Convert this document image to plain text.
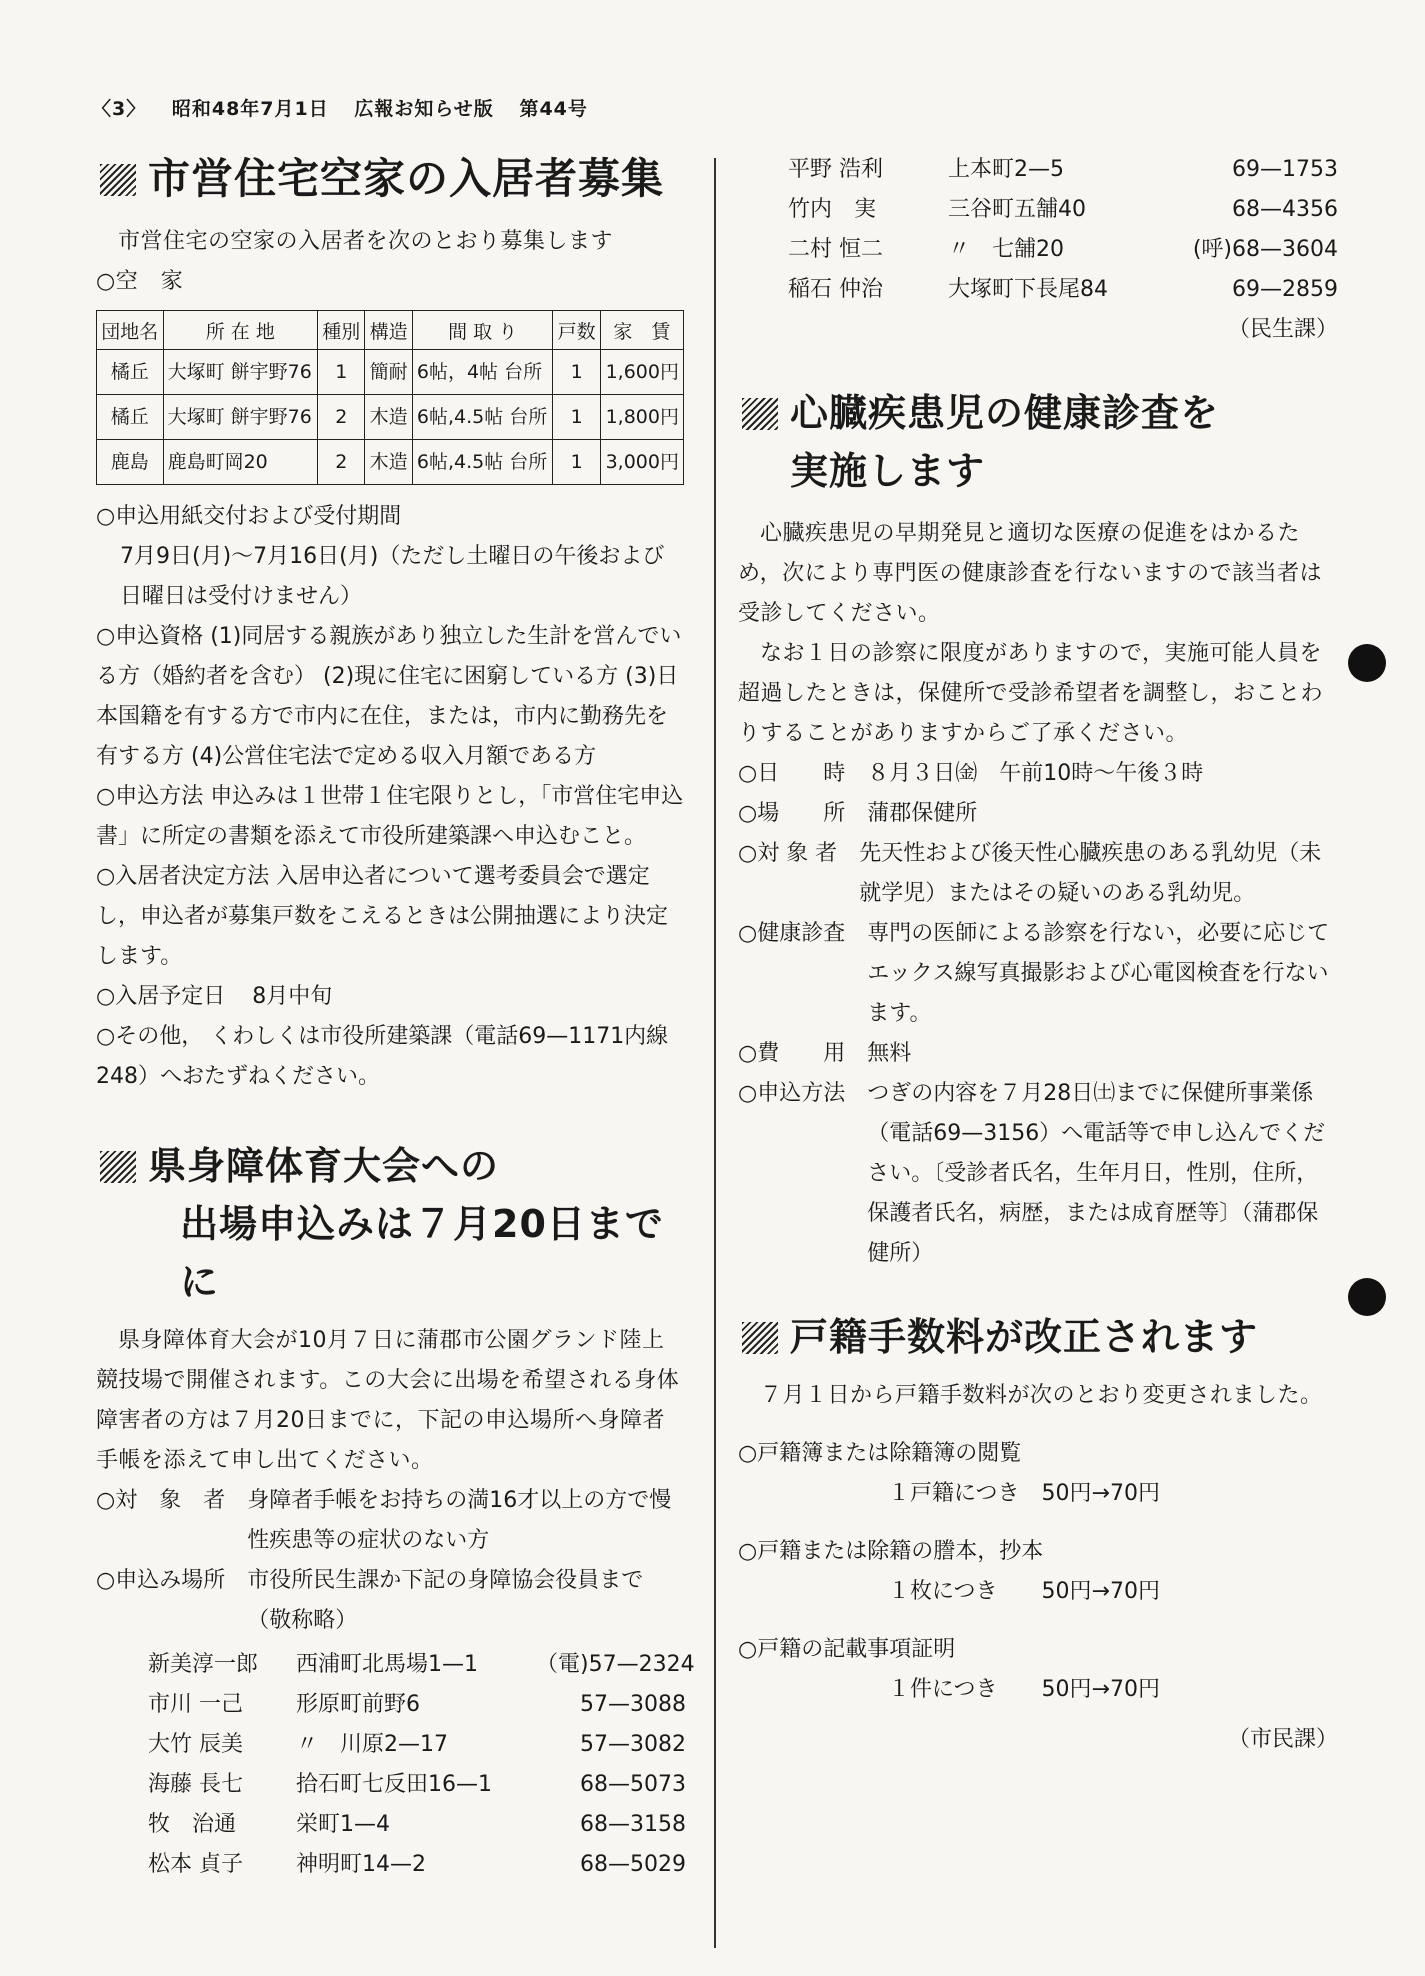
〈3〉 昭和48年7月1日 広報お知らせ版 第44号
市営住宅空家の入居者募集
市営住宅の空家の入居者を次のとおり募集します
○空　家
団地名	所 在 地	種別	構造	間 取 り	戸数	家　賃
橘丘	大塚町 餅宇野76	1	簡耐	6帖，4帖 台所	1	1,600円
橘丘	大塚町 餅宇野76	2	木造	6帖,4.5帖 台所	1	1,800円
鹿島	鹿島町岡20	2	木造	6帖,4.5帖 台所	1	3,000円
○申込用紙交付および受付期間
7月9日(月)〜7月16日(月)（ただし土曜日の午後および日曜日は受付けません）
○申込資格 (1)同居する親族があり独立した生計を営んでいる方（婚約者を含む） (2)現に住宅に困窮している方 (3)日本国籍を有する方で市内に在住，または，市内に勤務先を有する方 (4)公営住宅法で定める収入月額である方
○申込方法 申込みは１世帯１住宅限りとし，「市営住宅申込書」に所定の書類を添えて市役所建築課へ申込むこと。
○入居者決定方法 入居申込者について選考委員会で選定し，申込者が募集戸数をこえるときは公開抽選により決定します。
○入居予定日 8月中旬
○その他， くわしくは市役所建築課（電話69—1171内線 248）へおたずねください。
県身障体育大会への
出場申込みは７月20日までに
県身障体育大会が10月７日に蒲郡市公園グランド陸上競技場で開催されます。この大会に出場を希望される身体障害者の方は７月20日までに，下記の申込場所へ身障者手帳を添えて申し出てください。
○対　象　者　 身障者手帳をお持ちの満16才以上の方で慢性疾患等の症状のない方
○申込み場所　 市役所民生課か下記の身障協会役員まで（敬称略）
新美淳一郎	西浦町北馬場1—1	（電)57—2324
市川 一己	形原町前野6	57—3088
大竹 辰美	〃　川原2—17	57—3082
海藤 長七	拾石町七反田16—1	68—5073
牧　治通	栄町1—4	68—3158
松本 貞子	神明町14—2	68—5029
平野 浩利	上本町2—5	69—1753
竹内　実	三谷町五舗40	68—4356
二村 恒二	〃　七舗20	(呼)68—3604
稲石 仲治	大塚町下長尾84	69—2859
（民生課）
心臓疾患児の健康診査を
実施します
心臓疾患児の早期発見と適切な医療の促進をはかるため，次により専門医の健康診査を行ないますので該当者は受診してください。
なお１日の診察に限度がありますので，実施可能人員を超過したときは，保健所で受診希望者を調整し，おことわりすることがありますからご了承ください。
○日　　時　 ８月３日㈮　午前10時〜午後３時
○場　　所　 蒲郡保健所
○対 象 者　 先天性および後天性心臓疾患のある乳幼児（未就学児）またはその疑いのある乳幼児。
○健康診査　 専門の医師による診察を行ない，必要に応じてエックス線写真撮影および心電図検査を行ないます。
○費　　用　 無料
○申込方法　 つぎの内容を７月28日㈯までに保健所事業係（電話69—3156）へ電話等で申し込んでください。〔受診者氏名，生年月日，性別，住所，保護者氏名，病歴，または成育歴等〕（蒲郡保健所）
戸籍手数料が改正されます
７月１日から戸籍手数料が次のとおり変更されました。
○戸籍簿または除籍簿の閲覧
１戸籍につき　50円→70円
○戸籍または除籍の謄本，抄本
１枚につき　　50円→70円
○戸籍の記載事項証明
１件につき　　50円→70円
（市民課）
